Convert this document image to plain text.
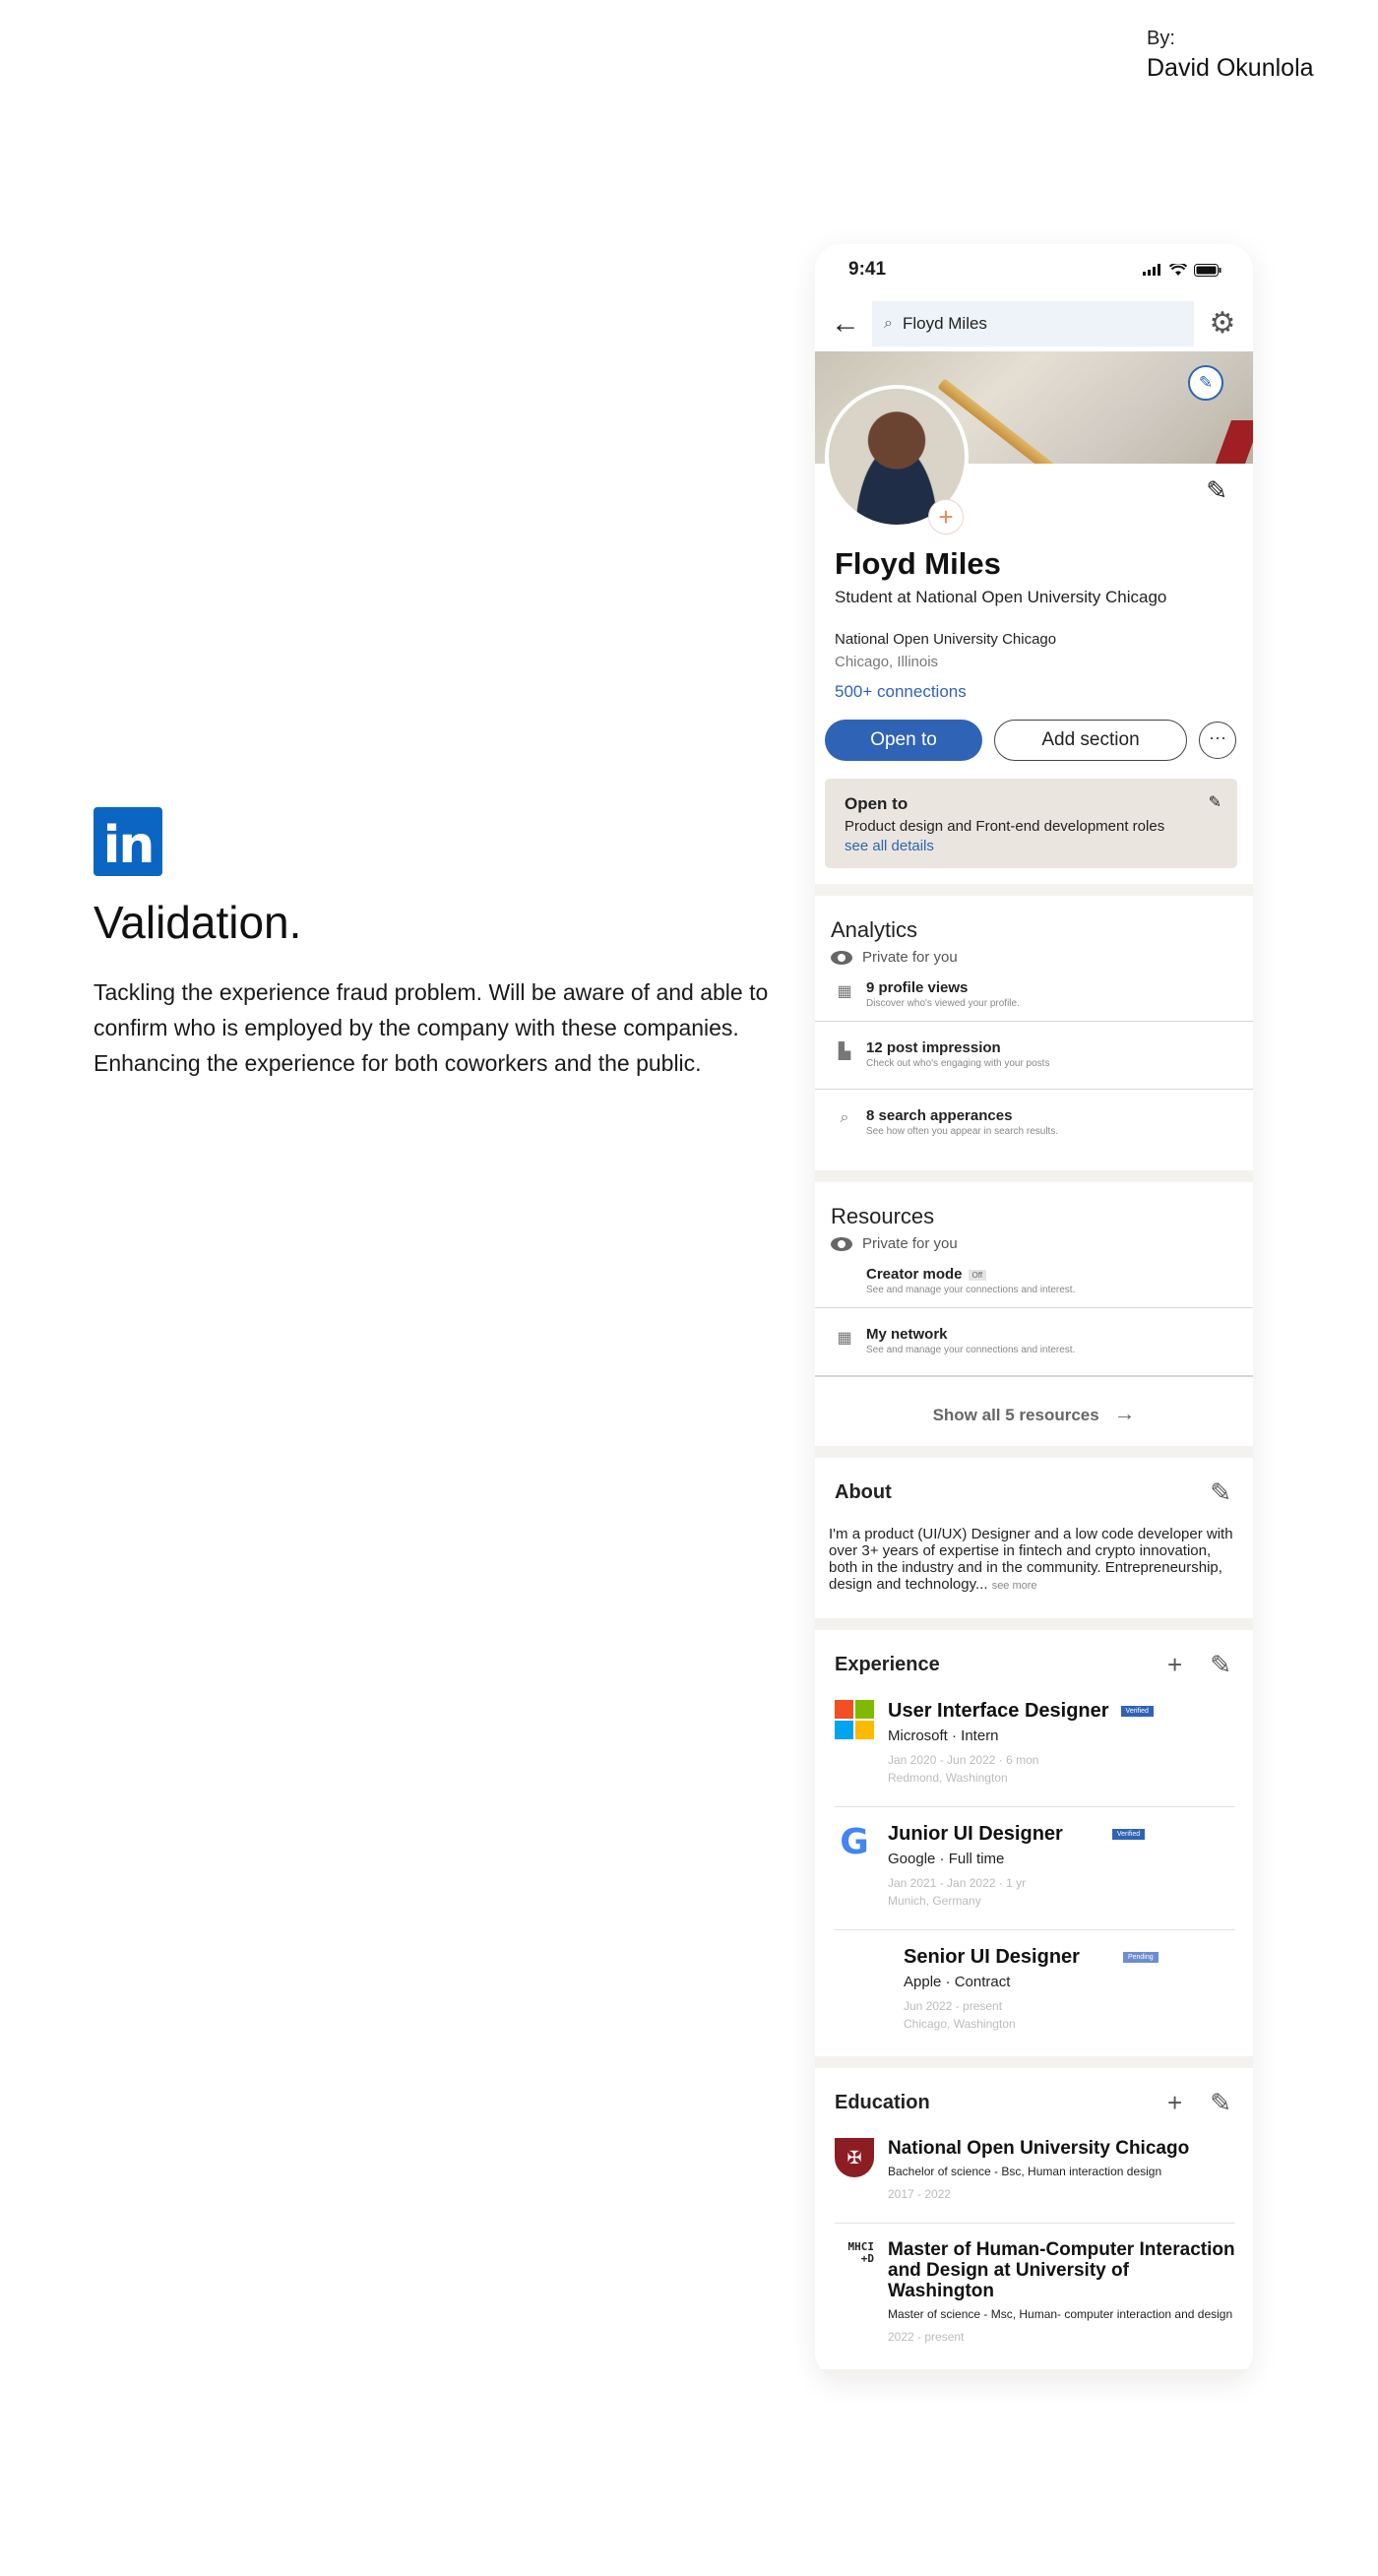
By:
David Okunlola
in
Validation.
Tackling the experience fraud problem. Will be aware of and able to confirm who is employed by the company with these companies. Enhancing the experience for both coworkers and the public.
9:41
← ⌕ Floyd Miles	⚙
✎
+
✎
Floyd Miles
Student at National Open University Chicago
National Open University Chicago
Chicago, Illinois
500+ connections
Open to	Add section	···
Open to
Product design and Front-end development roles
see all details
✎
Analytics
Private for you
▦ 9 profile views
Discover who's viewed your profile.
▙ 12 post impression
Check out who's engaging with your posts
⌕	8 search apperances
See how often you appear in search results.
Resources
Private for you
Creator mode Off
See and manage your connections and interest.
▦ My network
See and manage your connections and interest.
Show all 5 resources →
About	✎
I'm a product (UI/UX) Designer and a low code developer with over 3+ years of expertise in fintech and crypto innovation, both in the industry and in the community. Entrepreneurship, design and technology... see more
Experience	+ ✎
User Interface Designer Verified
Microsoft · Intern
Jan 2020 - Jun 2022 · 6 mon
Redmond, Washington
G Junior UI Designer	Verified
Google · Full time
Jan 2021 - Jan 2022 · 1 yr
Munich, Germany
Senior UI Designer	Pending
Apple · Contract
Jun 2022 - present
Chicago, Washington
Education	+ ✎
✠	National Open University Chicago
Bachelor of science - Bsc, Human interaction design
2017 - 2022
MHCI +D Master of Human-Computer Interaction and Design at University of Washington
Master of science - Msc, Human- computer interaction and design
2022 - present
